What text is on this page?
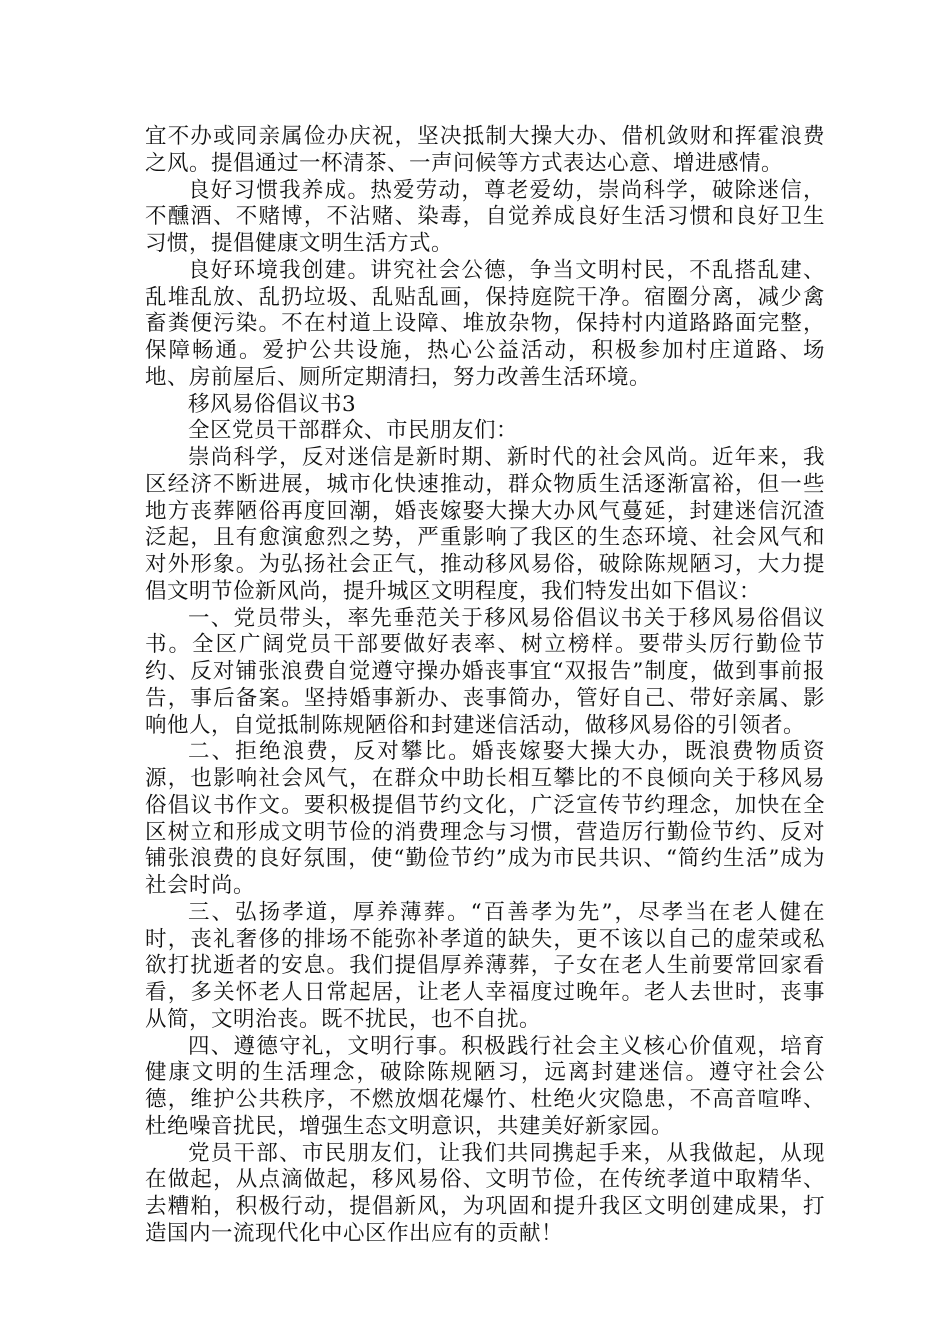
宜不办或同亲属俭办庆祝，坚决抵制大操大办、借机敛财和挥霍浪费之风。提倡通过一杯清茶、一声问候等方式表达心意、增进感情。

良好习惯我养成。热爱劳动，尊老爱幼，崇尚科学，破除迷信，不醺酒、不赌博，不沾赌、染毒，自觉养成良好生活习惯和良好卫生习惯，提倡健康文明生活方式。

良好环境我创建。讲究社会公德，争当文明村民，不乱搭乱建、乱堆乱放、乱扔垃圾、乱贴乱画，保持庭院干净。宿圈分离，减少禽畜粪便污染。不在村道上设障、堆放杂物，保持村内道路路面完整，保障畅通。爱护公共设施，热心公益活动，积极参加村庄道路、场地、房前屋后、厕所定期清扫，努力改善生活环境。

移风易俗倡议书3

全区党员干部群众、市民朋友们：

崇尚科学，反对迷信是新时期、新时代的社会风尚。近年来，我区经济不断进展，城市化快速推动，群众物质生活逐渐富裕，但一些地方丧葬陋俗再度回潮，婚丧嫁娶大操大办风气蔓延，封建迷信沉渣泛起，且有愈演愈烈之势，严重影响了我区的生态环境、社会风气和对外形象。为弘扬社会正气，推动移风易俗，破除陈规陋习，大力提倡文明节俭新风尚，提升城区文明程度，我们特发出如下倡议：

一、党员带头，率先垂范关于移风易俗倡议书关于移风易俗倡议书。全区广阔党员干部要做好表率、树立榜样。要带头厉行勤俭节约、反对铺张浪费自觉遵守操办婚丧事宜“双报告”制度，做到事前报告，事后备案。坚持婚事新办、丧事简办，管好自己、带好亲属、影响他人，自觉抵制陈规陋俗和封建迷信活动，做移风易俗的引领者。

二、拒绝浪费，反对攀比。婚丧嫁娶大操大办，既浪费物质资源，也影响社会风气，在群众中助长相互攀比的不良倾向关于移风易俗倡议书作文。要积极提倡节约文化，广泛宣传节约理念，加快在全区树立和形成文明节俭的消费理念与习惯，营造厉行勤俭节约、反对铺张浪费的良好氛围，使“勤俭节约”成为市民共识、“简约生活”成为社会时尚。

三、弘扬孝道，厚养薄葬。“百善孝为先”，尽孝当在老人健在时，丧礼奢侈的排场不能弥补孝道的缺失，更不该以自己的虚荣或私欲打扰逝者的安息。我们提倡厚养薄葬，子女在老人生前要常回家看看，多关怀老人日常起居，让老人幸福度过晚年。老人去世时，丧事从简，文明治丧。既不扰民，也不自扰。

四、遵德守礼，文明行事。积极践行社会主义核心价值观，培育健康文明的生活理念，破除陈规陋习，远离封建迷信。遵守社会公德，维护公共秩序，不燃放烟花爆竹、杜绝火灾隐患，不高音喧哗、杜绝噪音扰民，增强生态文明意识，共建美好新家园。

党员干部、市民朋友们，让我们共同携起手来，从我做起，从现在做起，从点滴做起，移风易俗、文明节俭，在传统孝道中取精华、去糟粕，积极行动，提倡新风，为巩固和提升我区文明创建成果，打造国内一流现代化中心区作出应有的贡献！
